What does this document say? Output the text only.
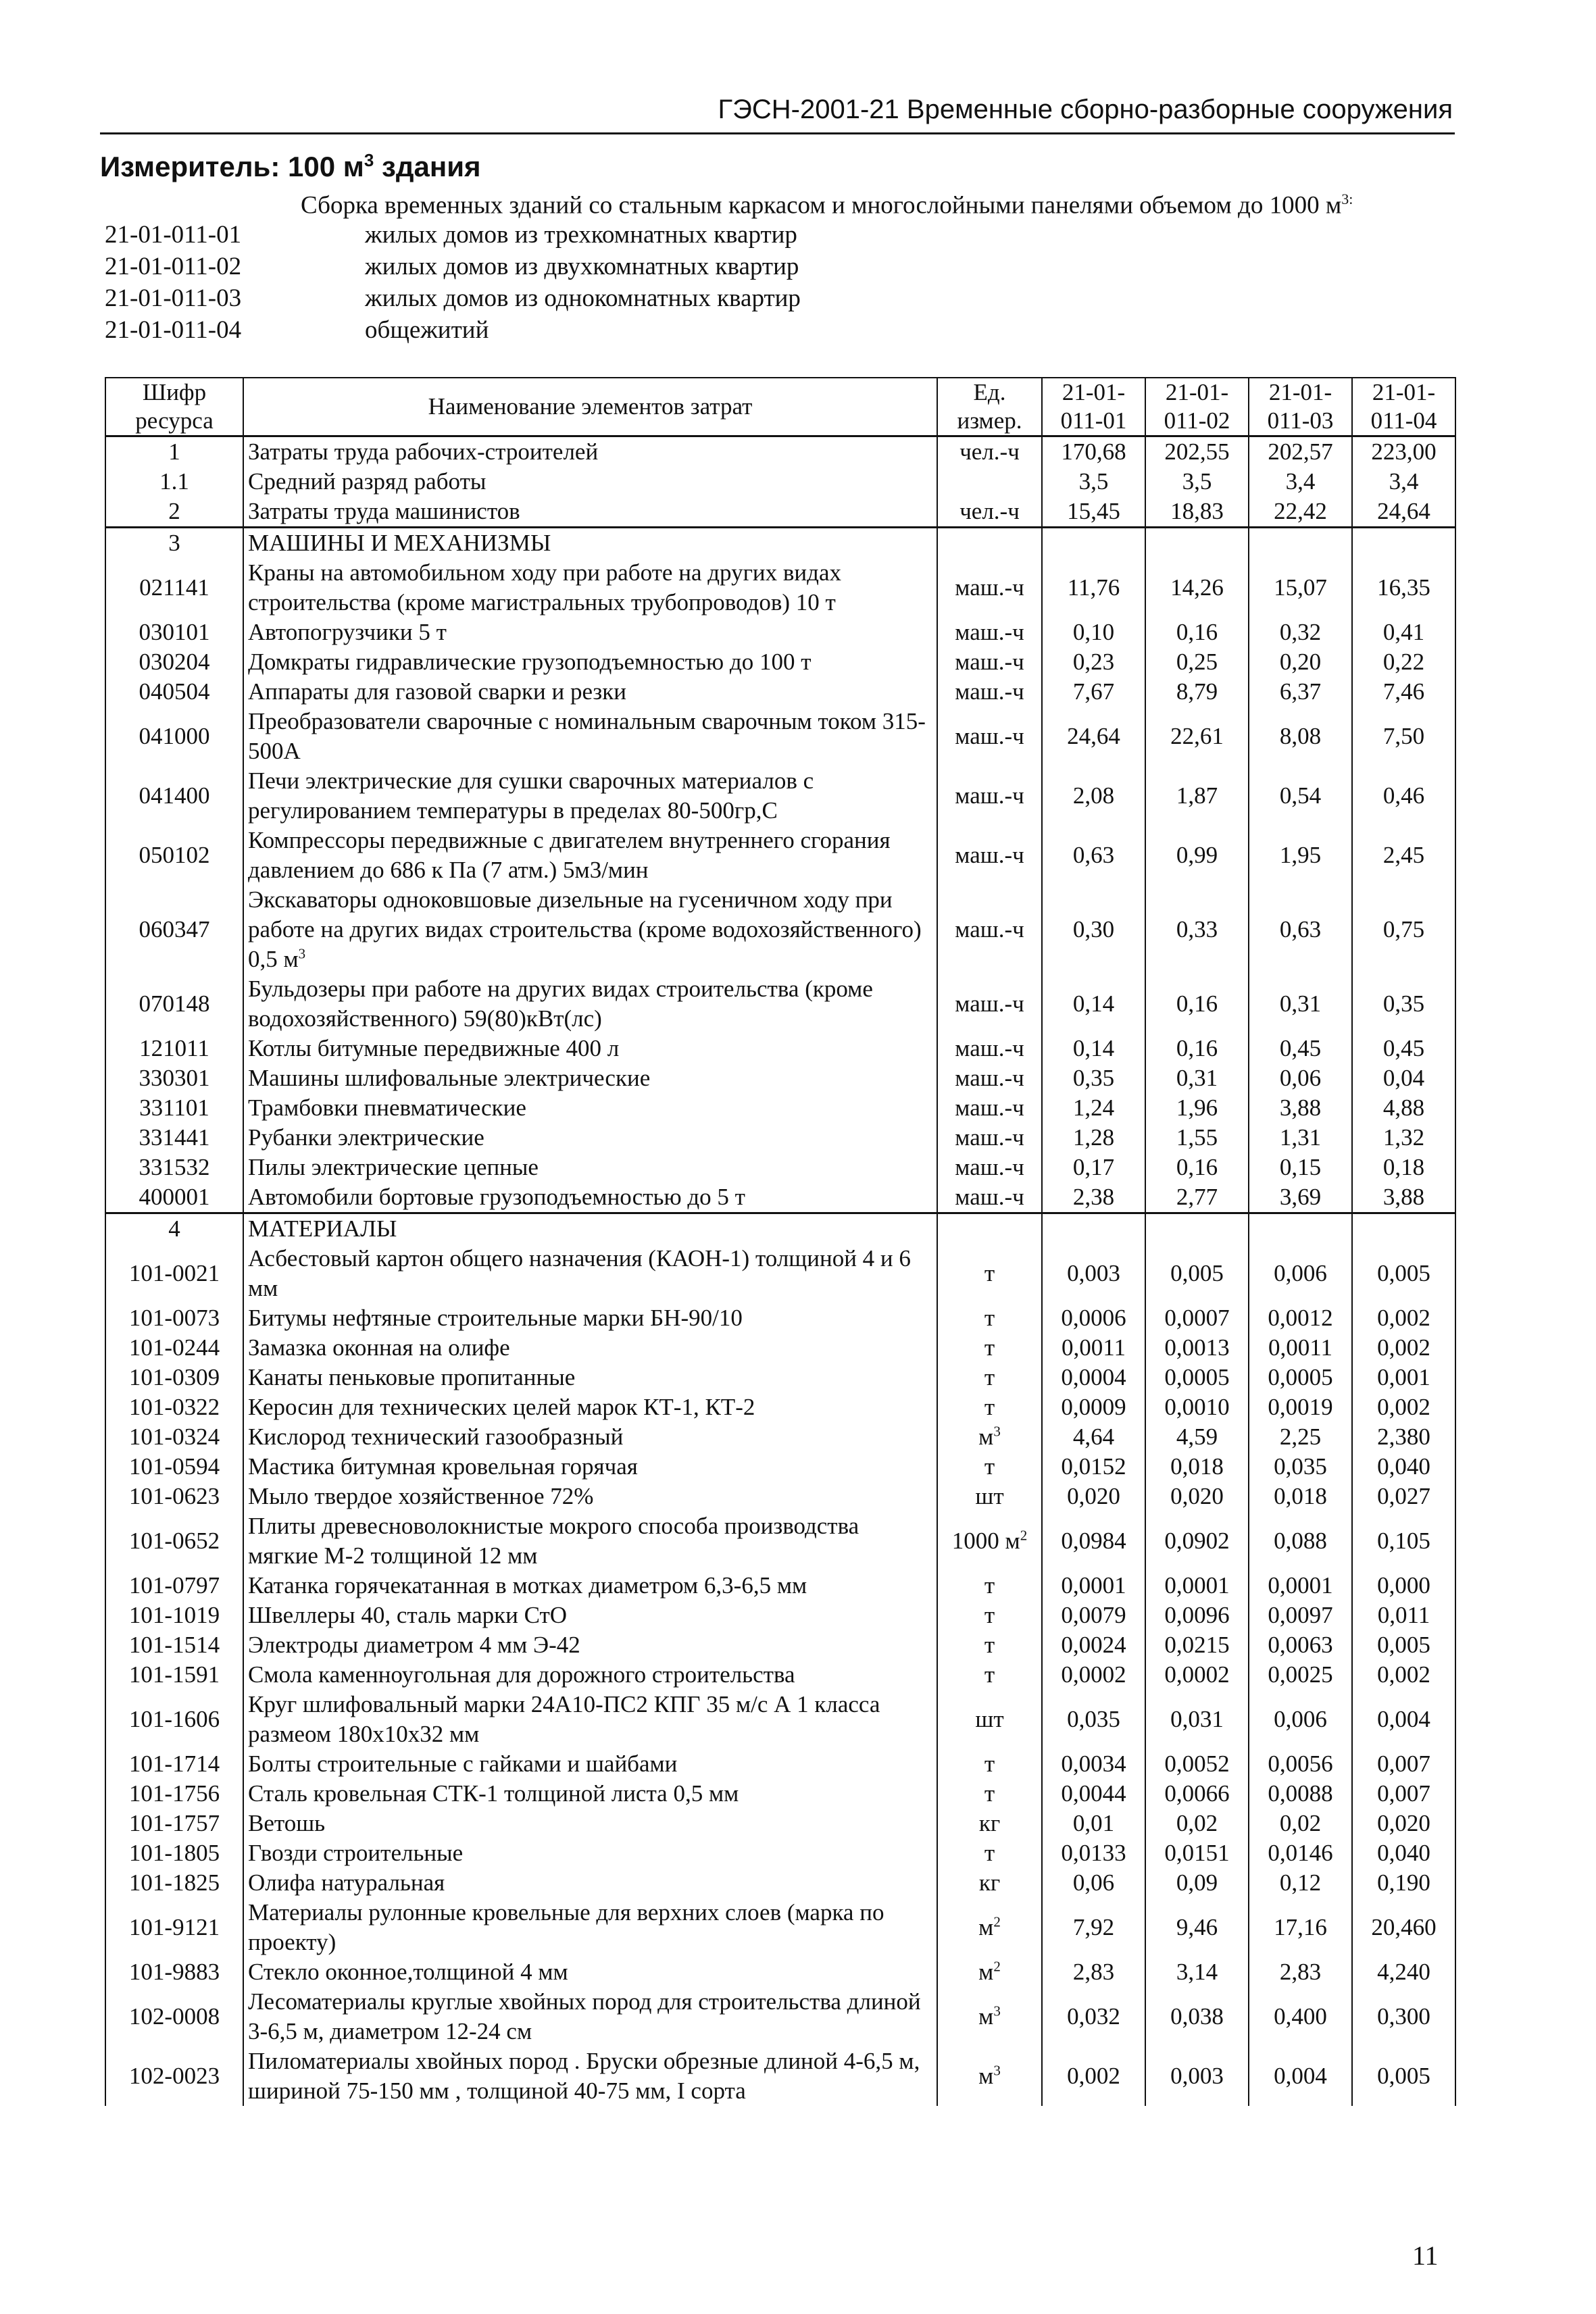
ГЭСН-2001-21 Временные сборно-разборные сооружения
Измеритель: 100 $м^3$ здания
Сборка временных зданий со стальным каркасом и многослойными панелями объемом до 1000 $м^{3:}$
21-01-011-01	жилых домов из трехкомнатных квартир
21-01-011-02	жилых домов из двухкомнатных квартир
21-01-011-03	жилых домов из однокомнатных квартир
21-01-011-04	общежитий
Шифр ресурса	Наименование элементов затрат	Ед. измер.	21-01-011-01	21-01-011-02	21-01-011-03	21-01-011-04
1	Затраты труда рабочих-строителей	чел.-ч	170,68	202,55	202,57	223,00
1.1	Средний разряд работы		3,5	3,5	3,4	3,4
2	Затраты труда машинистов	чел.-ч	15,45	18,83	22,42	24,64
3	МАШИНЫ И МЕХАНИЗМЫ					
021141	Краны на автомобильном ходу при работе на других видах строительства (кроме магистральных трубопроводов) 10 т	маш.-ч	11,76	14,26	15,07	16,35
030101	Автопогрузчики 5 т	маш.-ч	0,10	0,16	0,32	0,41
030204	Домкраты гидравлические грузоподъемностью до 100 т	маш.-ч	0,23	0,25	0,20	0,22
040504	Аппараты для газовой сварки и резки	маш.-ч	7,67	8,79	6,37	7,46
041000	Преобразователи сварочные с номинальным сварочным током 315-500А	маш.-ч	24,64	22,61	8,08	7,50
041400	Печи электрические для сушки сварочных материалов с регулированием температуры в пределах 80-500гр,С	маш.-ч	2,08	1,87	0,54	0,46
050102	Компрессоры передвижные с двигателем внутреннего сгорания давлением до 686 к Па (7 атм.) 5м3/мин	маш.-ч	0,63	0,99	1,95	2,45
060347	Экскаваторы одноковшовые дизельные на гусеничном ходу при работе на других видах строительства (кроме водохозяйственного) 0,5 $м^3$	маш.-ч	0,30	0,33	0,63	0,75
070148	Бульдозеры при работе на других видах строительства (кроме водохозяйственного) 59(80)кВт(лс)	маш.-ч	0,14	0,16	0,31	0,35
121011	Котлы битумные передвижные 400 л	маш.-ч	0,14	0,16	0,45	0,45
330301	Машины шлифовальные электрические	маш.-ч	0,35	0,31	0,06	0,04
331101	Трамбовки пневматические	маш.-ч	1,24	1,96	3,88	4,88
331441	Рубанки электрические	маш.-ч	1,28	1,55	1,31	1,32
331532	Пилы электрические цепные	маш.-ч	0,17	0,16	0,15	0,18
400001	Автомобили бортовые грузоподъемностью до 5 т	маш.-ч	2,38	2,77	3,69	3,88
4	МАТЕРИАЛЫ					
101-0021	Асбестовый картон общего назначения (КАОН-1) толщиной 4 и 6 мм	т	0,003	0,005	0,006	0,005
101-0073	Битумы нефтяные строительные марки БН-90/10	т	0,0006	0,0007	0,0012	0,002
101-0244	Замазка оконная на олифе	т	0,0011	0,0013	0,0011	0,002
101-0309	Канаты пеньковые пропитанные	т	0,0004	0,0005	0,0005	0,001
101-0322	Керосин для технических целей марок КТ-1, КТ-2	т	0,0009	0,0010	0,0019	0,002
101-0324	Кислород технический газообразный	$м^3$	4,64	4,59	2,25	2,380
101-0594	Мастика битумная кровельная горячая	т	0,0152	0,018	0,035	0,040
101-0623	Мыло твердое хозяйственное 72%	шт	0,020	0,020	0,018	0,027
101-0652	Плиты древесноволокнистые мокрого способа производства мягкие М-2 толщиной 12 мм	1000 $м^2$	0,0984	0,0902	0,088	0,105
101-0797	Катанка горячекатанная в мотках диаметром 6,3-6,5 мм	т	0,0001	0,0001	0,0001	0,000
101-1019	Швеллеры 40, сталь марки СтО	т	0,0079	0,0096	0,0097	0,011
101-1514	Электроды диаметром 4 мм Э-42	т	0,0024	0,0215	0,0063	0,005
101-1591	Смола каменноугольная для дорожного строительства	т	0,0002	0,0002	0,0025	0,002
101-1606	Круг шлифовальный марки 24А10-ПС2 КПГ 35 м/с А 1 класса размеом 180х10х32 мм	шт	0,035	0,031	0,006	0,004
101-1714	Болты строительные с гайками и шайбами	т	0,0034	0,0052	0,0056	0,007
101-1756	Сталь кровельная СТК-1 толщиной листа 0,5 мм	т	0,0044	0,0066	0,0088	0,007
101-1757	Ветошь	кг	0,01	0,02	0,02	0,020
101-1805	Гвозди строительные	т	0,0133	0,0151	0,0146	0,040
101-1825	Олифа натуральная	кг	0,06	0,09	0,12	0,190
101-9121	Материалы рулонные кровельные для верхних слоев (марка по проекту)	$м^2$	7,92	9,46	17,16	20,460
101-9883	Стекло оконное,толщиной 4 мм	$м^2$	2,83	3,14	2,83	4,240
102-0008	Лесоматериалы круглые хвойных пород для строительства длиной 3-6,5 м, диаметром 12-24 см	$м^3$	0,032	0,038	0,400	0,300
102-0023	Пиломатериалы хвойных пород . Бруски обрезные длиной 4-6,5 м, шириной 75-150 мм , толщиной 40-75 мм, I сорта	$м^3$	0,002	0,003	0,004	0,005
11
